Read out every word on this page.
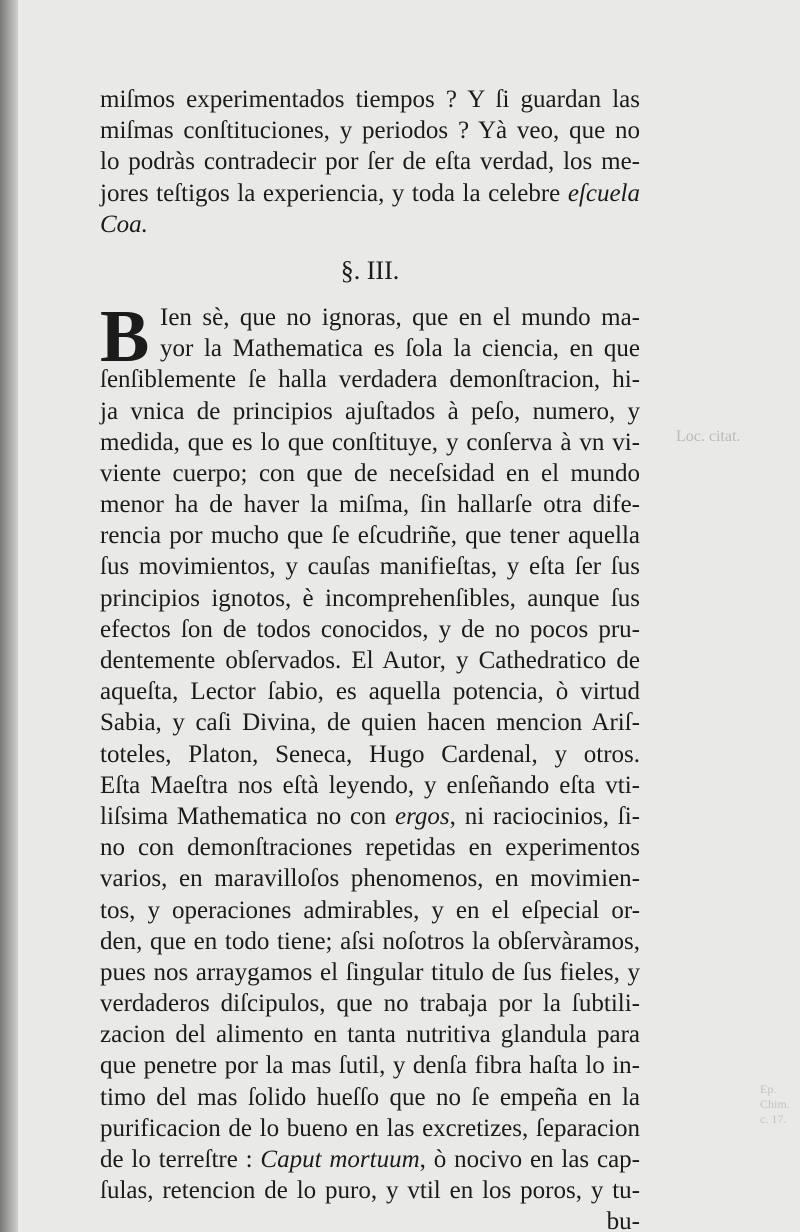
Loc. citat.
Ep. Chim. c. 17.
miſmos experimentados tiempos ? Y ſi guardan las
miſmas conſtituciones, y periodos ? Yà veo, que no
lo podràs contradecir por ſer de eſta verdad, los me-
jores teſtigos la experiencia, y toda la celebre eſcuela
Coa.
§. III.
B Ien sè, que no ignoras, que en el mundo ma-
yor la Mathematica es ſola la ciencia, en que
ſenſiblemente ſe halla verdadera demonſtracion, hi-
ja vnica de principios ajuſtados à peſo, numero, y
medida, que es lo que conſtituye, y conſerva à vn vi-
viente cuerpo; con que de neceſsidad en el mundo
menor ha de haver la miſma, ſin hallarſe otra dife-
rencia por mucho que ſe eſcudriñe, que tener aquella
ſus movimientos, y cauſas manifieſtas, y eſta ſer ſus
principios ignotos, è incomprehenſibles, aunque ſus
efectos ſon de todos conocidos, y de no pocos pru-
dentemente obſervados. El Autor, y Cathedratico de
aqueſta, Lector ſabio, es aquella potencia, ò virtud
Sabia, y caſi Divina, de quien hacen mencion Ariſ-
toteles, Platon, Seneca, Hugo Cardenal, y otros.
Eſta Maeſtra nos eſtà leyendo, y enſeñando eſta vti-
liſsima Mathematica no con ergos, ni raciocinios, ſi-
no con demonſtraciones repetidas en experimentos
varios, en maravilloſos phenomenos, en movimien-
tos, y operaciones admirables, y en el eſpecial or-
den, que en todo tiene; aſsi noſotros la obſervàramos,
pues nos arraygamos el ſingular titulo de ſus fieles, y
verdaderos diſcipulos, que no trabaja por la ſubtili-
zacion del alimento en tanta nutritiva glandula para
que penetre por la mas ſutil, y denſa fibra haſta lo in-
timo del mas ſolido hueſſo que no ſe empeña en la
purificacion de lo bueno en las excretizes, ſeparacion
de lo terreſtre : Caput mortuum, ò nocivo en las cap-
ſulas, retencion de lo puro, y vtil en los poros, y tu-
bu-
